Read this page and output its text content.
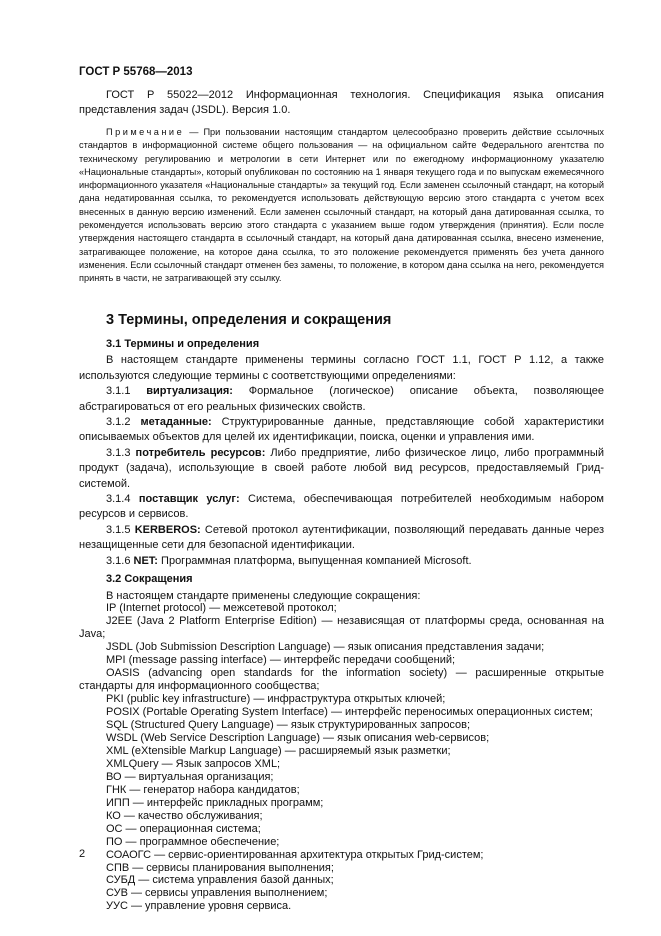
ГОСТ Р 55768—2013

ГОСТ Р 55022—2012 Информационная технология. Спецификация языка описания представления задач (JSDL). Версия 1.0.

Примечание — При пользовании настоящим стандартом целесообразно проверить действие ссылочных стандартов в информационной системе общего пользования — на официальном сайте Федерального агентства по техническому регулированию и метрологии в сети Интернет или по ежегодному информационному указателю «Национальные стандарты», который опубликован по состоянию на 1 января текущего года и по выпускам ежемесячного информационного указателя «Национальные стандарты» за текущий год. Если заменен ссылочный стандарт, на который дана недатированная ссылка, то рекомендуется использовать действующую версию этого стандарта с учетом всех внесенных в данную версию изменений. Если заменен ссылочный стандарт, на который дана датированная ссылка, то рекомендуется использовать версию этого стандарта с указанием выше годом утверждения (принятия). Если после утверждения настоящего стандарта в ссылочный стандарт, на который дана датированная ссылка, внесено изменение, затрагивающее положение, на которое дана ссылка, то это положение рекомендуется применять без учета данного изменения. Если ссылочный стандарт отменен без замены, то положение, в котором дана ссылка на него, рекомендуется принять в части, не затрагивающей эту ссылку.

3 Термины, определения и сокращения

3.1 Термины и определения

В настоящем стандарте применены термины согласно ГОСТ 1.1, ГОСТ Р 1.12, а также используются следующие термины с соответствующими определениями:

3.1.1 виртуализация: Формальное (логическое) описание объекта, позволяющее абстрагироваться от его реальных физических свойств.

3.1.2 метаданные: Структурированные данные, представляющие собой характеристики описываемых объектов для целей их идентификации, поиска, оценки и управления ими.

3.1.3 потребитель ресурсов: Либо предприятие, либо физическое лицо, либо программный продукт (задача), использующие в своей работе любой вид ресурсов, предоставляемый Грид-системой.

3.1.4 поставщик услуг: Система, обеспечивающая потребителей необходимым набором ресурсов и сервисов.

3.1.5 KERBEROS: Сетевой протокол аутентификации, позволяющий передавать данные через незащищенные сети для безопасной идентификации.

3.1.6 NET: Программная платформа, выпущенная компанией Microsoft.

3.2 Сокращения

В настоящем стандарте применены следующие сокращения:

IP (Internet protocol) — межсетевой протокол;

J2EE (Java 2 Platform Enterprise Edition) — независящая от платформы среда, основанная на Java;

JSDL (Job Submission Description Language) — язык описания представления задачи;

MPI (message passing interface) — интерфейс передачи сообщений;

OASIS (advancing open standards for the information society) — расширенные открытые стандарты для информационного сообщества;

PKI (public key infrastructure) — инфраструктура открытых ключей;

POSIX (Portable Operating System Interface) — интерфейс переносимых операционных систем;

SQL (Structured Query Language) — язык структурированных запросов;

WSDL (Web Service Description Language) — язык описания web-сервисов;

XML (eXtensible Markup Language) — расширяемый язык разметки;

XMLQuery — Язык запросов XML;

ВО — виртуальная организация;

ГНК — генератор набора кандидатов;

ИПП — интерфейс прикладных программ;

КО — качество обслуживания;

ОС — операционная система;

ПО — программное обеспечение;

СОАОГС — сервис-ориентированная архитектура открытых Грид-систем;

СПВ — сервисы планирования выполнения;

СУБД — система управления базой данных;

СУВ — сервисы управления выполнением;

УУС — управление уровня сервиса.

2
